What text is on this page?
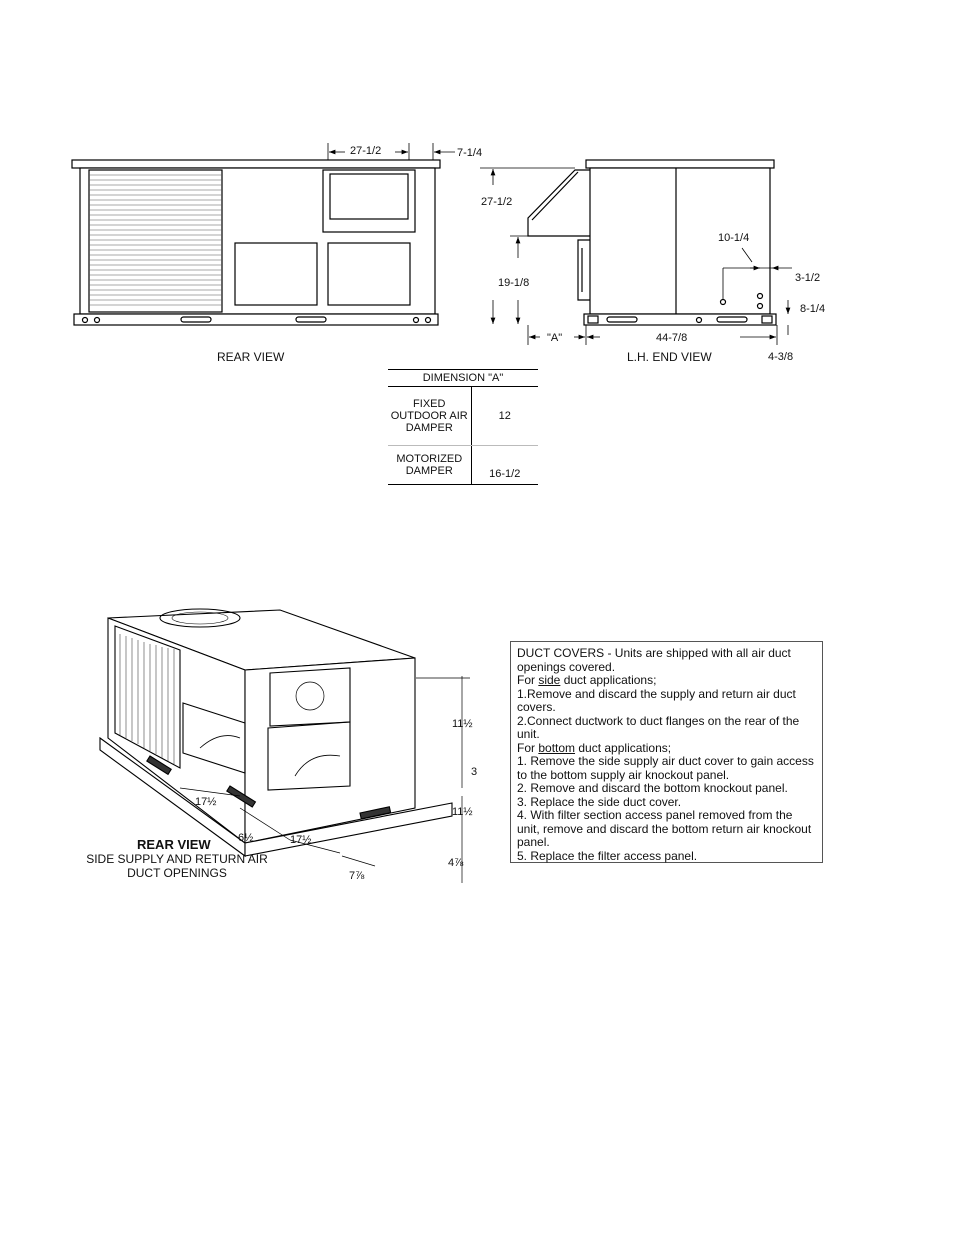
27-1/2	7-1/4
REAR VIEW
27-1/2
19-1/8
"A"	44-7/8
10-1/4
3-1/2
8-1/4
4-3/8
L.H. END VIEW
DIMENSION "A"	
FIXED OUTDOOR AIR DAMPER	12
MOTORIZED DAMPER	16-1/2
17½
6½	17½
7⅞
11½
3
11½
4⅞
REAR VIEW
SIDE SUPPLY AND RETURN AIR DUCT OPENINGS

DUCT COVERS - Units are shipped with all air duct openings covered.

For side duct applications;

1.Remove and discard the supply and return air duct covers.

2.Connect ductwork to duct flanges on the rear of the unit.

For bottom duct applications;

1. Remove the side supply air duct cover to gain access to the bottom supply air knockout panel.

2. Remove and discard the bottom knockout panel.

3. Replace the side duct cover.

4. With filter section access panel removed from the unit, remove and discard the bottom return air knockout panel.

5. Replace the filter access panel.
